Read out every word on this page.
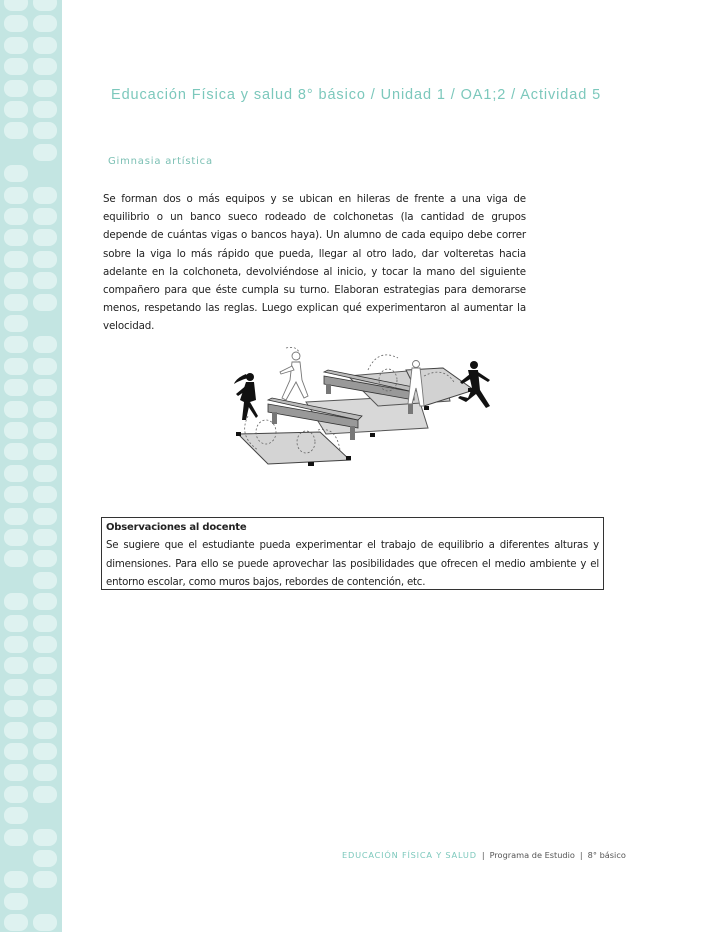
Educación Física y salud 8° básico / Unidad 1 / OA1;2 / Actividad 5
Gimnasia artística
Se forman dos o más equipos y se ubican en hileras de frente a una viga de equilibrio o un banco sueco rodeado de colchonetas (la cantidad de grupos depende de cuántas vigas o bancos haya). Un alumno de cada equipo debe correr sobre la viga lo más rápido que pueda, llegar al otro lado, dar volteretas hacia adelante en la colchoneta, devolviéndose al inicio, y tocar la mano del siguiente compañero para que éste cumpla su turno. Elaboran estrategias para demorarse menos, respetando las reglas. Luego explican qué experimentaron al aumentar la velocidad.
Observaciones al docente
Se sugiere que el estudiante pueda experimentar el trabajo de equilibrio a diferentes alturas y dimensiones. Para ello se puede aprovechar las posibilidades que ofrecen el medio ambiente y el entorno escolar, como muros bajos, rebordes de contención, etc.
EDUCACIÓN FÍSICA Y SALUD | Programa de Estudio | 8° básico
